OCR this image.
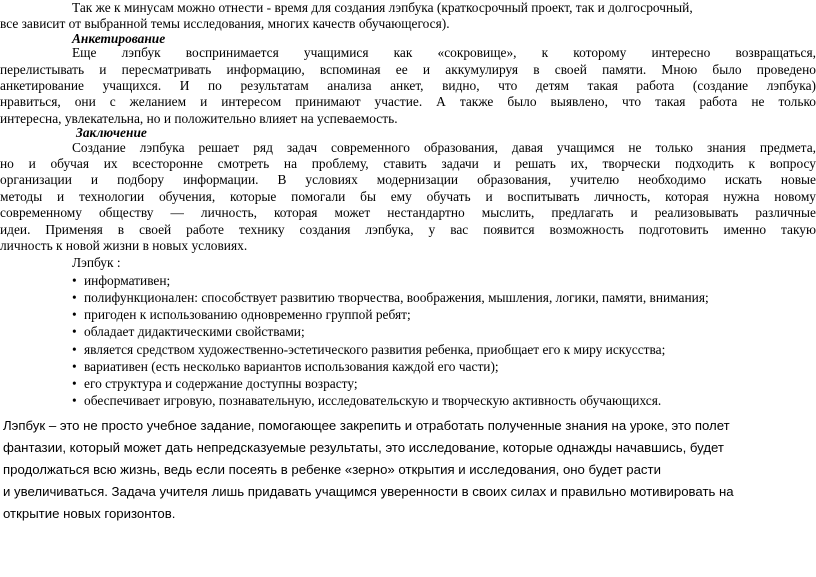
Так же к минусам можно отнести - время для создания лэпбука (краткосрочный проект, так и долгосрочный,
все зависит от выбранной темы исследования, многих качеств обучающегося).
Анкетирование
Еще лэпбук воспринимается учащимися как «сокровище», к которому интересно возвращаться,
перелистывать и пересматривать информацию, вспоминая ее и аккумулируя в своей памяти. Мною было проведено
анкетирование учащихся. И по результатам анализа анкет, видно, что детям такая работа (создание лэпбука)
нравиться, они с желанием и интересом принимают участие. А также было выявлено, что такая работа не только
интересна, увлекательна, но и положительно влияет на успеваемость.
Заключение
Создание лэпбука решает ряд задач современного образования, давая учащимся не только знания предмета,
но и обучая их всесторонне смотреть на проблему, ставить задачи и решать их, творчески подходить к вопросу
организации и подбору информации. В условиях модернизации образования, учителю необходимо искать новые
методы и технологии обучения, которые помогали бы ему обучать и воспитывать личность, которая нужна новому
современному обществу — личность, которая может нестандартно мыслить, предлагать и реализовывать различные
идеи. Применяя в своей работе технику создания лэпбука, у вас появится возможность подготовить именно такую
личность к новой жизни в новых условиях.
Лэпбук :
• информативен;
• полифункционален: способствует развитию творчества, воображения, мышления, логики, памяти, внимания;
• пригоден к использованию одновременно группой ребят;
• обладает дидактическими свойствами;
• является средством художественно-эстетического развития ребенка, приобщает его к миру искусства;
• вариативен (есть несколько вариантов использования каждой его части);
• его структура и содержание доступны возрасту;
• обеспечивает игровую, познавательную, исследовательскую и творческую активность обучающихся.
Лэпбук – это не просто учебное задание, помогающее закрепить и отработать полученные знания на уроке, это полет
фантазии, который может дать непредсказуемые результаты, это исследование, которые однажды начавшись, будет
продолжаться всю жизнь, ведь если посеять в ребенке «зерно» открытия и исследования, оно будет расти
и увеличиваться. Задача учителя лишь придавать учащимся уверенности в своих силах и правильно мотивировать на
открытие новых горизонтов.
